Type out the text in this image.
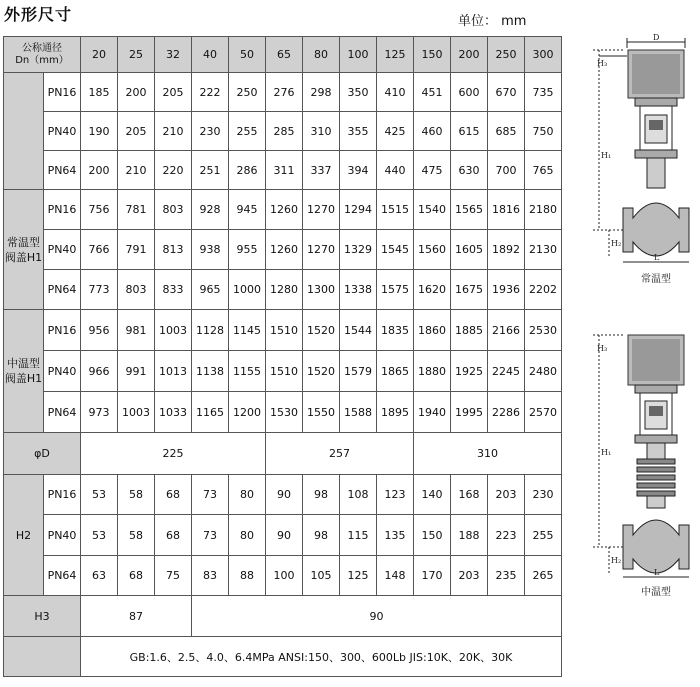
外形尺寸	单位： mm
公称通径
Dn（mm）		20	25	32	40	50	65	80	100	125	150	200	250	300
	PN16	185	200	205	222	250	276	298	350	410	451	600	670	735
	PN40	190	205	210	230	255	285	310	355	425	460	615	685	750
	PN64	200	210	220	251	286	311	337	394	440	475	630	700	765
常温型阀盖H1	PN16	756	781	803	928	945	1260	1270	1294	1515	1540	1565	1816	2180
	PN40	766	791	813	938	955	1260	1270	1329	1545	1560	1605	1892	2130
	PN64	773	803	833	965	1000	1280	1300	1338	1575	1620	1675	1936	2202
中温型阀盖H1	PN16	956	981	1003	1128	1145	1510	1520	1544	1835	1860	1885	2166	2530
	PN40	966	991	1013	1138	1155	1510	1520	1579	1865	1880	1925	2245	2480
	PN64	973	1003	1033	1165	1200	1530	1550	1588	1895	1940	1995	2286	2570
φD		225					257				310			
H2	PN16	53	58	68	73	80	90	98	108	123	140	168	203	230
	PN40	53	58	68	73	80	90	98	115	135	150	188	223	255
	PN64	63	68	75	83	88	100	105	125	148	170	203	235	265
H3		87			90									
		GB:1.6、2.5、4.0、6.4MPa ANSI:150、300、600Lb JIS:10K、20K、30K												
D
H₁
H₂
H₃
L
常温型
H₁
H₂
H₃
L
中温型
